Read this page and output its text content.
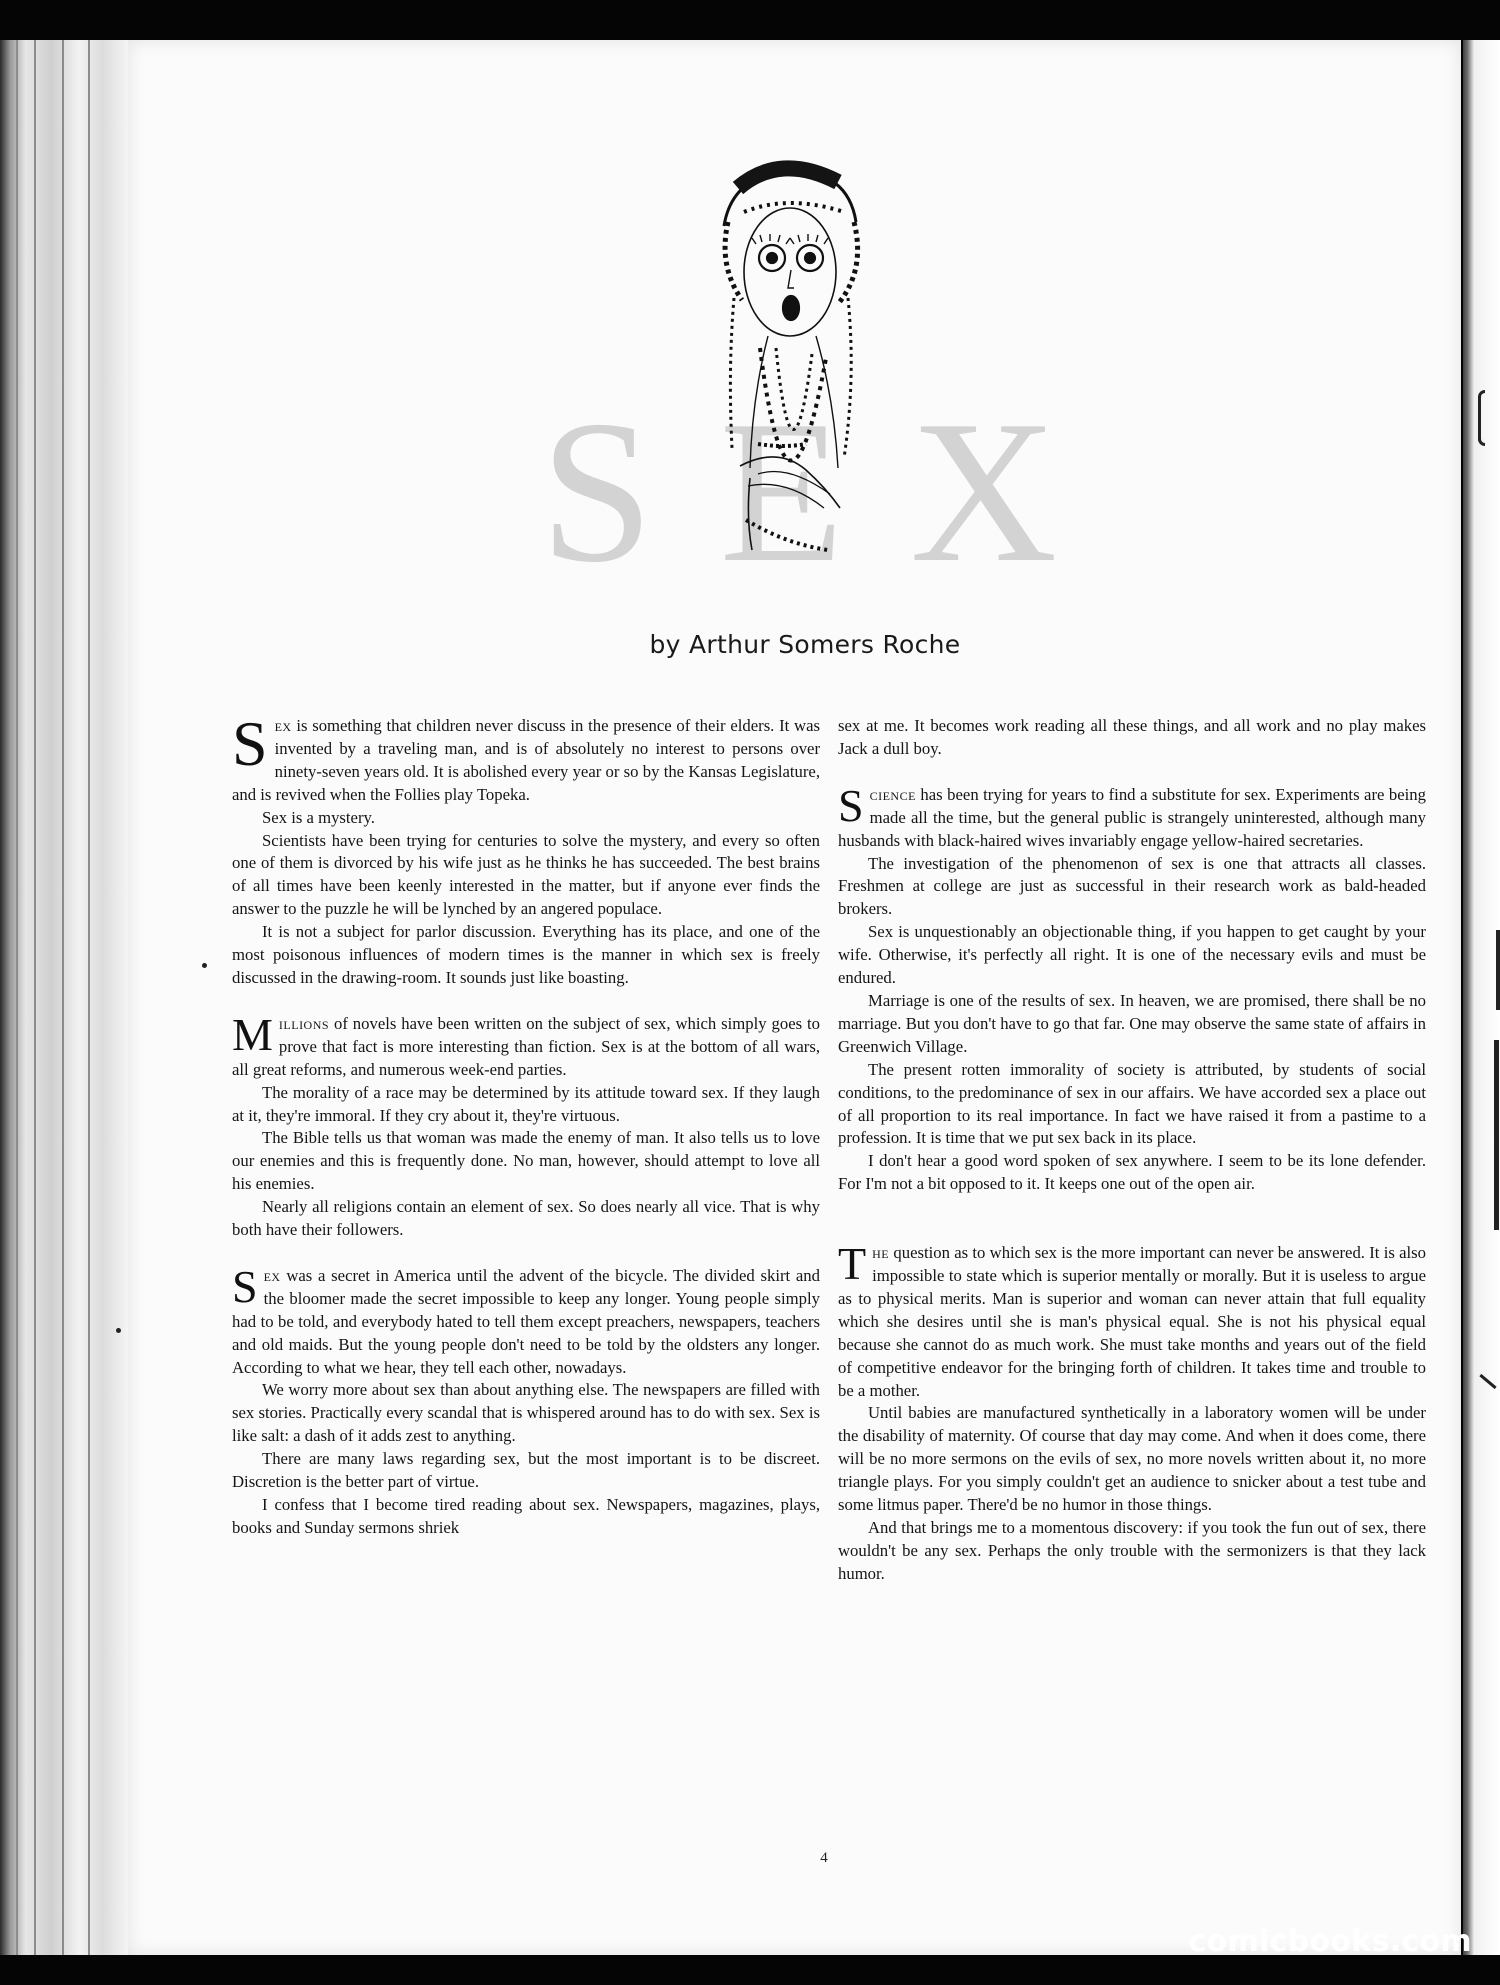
SEX
by Arthur Somers Roche

Sex is something that children never discuss in the presence of their elders. It was invented by a traveling man, and is of absolutely no interest to persons over ninety-seven years old. It is abolished every year or so by the Kansas Legislature, and is revived when the Follies play Topeka.

Sex is a mystery.

Scientists have been trying for centuries to solve the mystery, and every so often one of them is divorced by his wife just as he thinks he has succeeded. The best brains of all times have been keenly interested in the matter, but if anyone ever finds the answer to the puzzle he will be lynched by an angered populace.

It is not a subject for parlor discussion. Everything has its place, and one of the most poisonous influences of modern times is the manner in which sex is freely discussed in the drawing-room. It sounds just like boasting.

Millions of novels have been written on the subject of sex, which simply goes to prove that fact is more interesting than fiction. Sex is at the bottom of all wars, all great reforms, and numerous week-end parties.

The morality of a race may be determined by its attitude toward sex. If they laugh at it, they're immoral. If they cry about it, they're virtuous.

The Bible tells us that woman was made the enemy of man. It also tells us to love our enemies and this is frequently done. No man, however, should attempt to love all his enemies.

Nearly all religions contain an element of sex. So does nearly all vice. That is why both have their followers.

Sex was a secret in America until the advent of the bicycle. The divided skirt and the bloomer made the secret impossible to keep any longer. Young people simply had to be told, and everybody hated to tell them except preachers, newspapers, teachers and old maids. But the young people don't need to be told by the oldsters any longer. According to what we hear, they tell each other, nowadays.

We worry more about sex than about anything else. The newspapers are filled with sex stories. Practically every scandal that is whispered around has to do with sex. Sex is like salt: a dash of it adds zest to anything.

There are many laws regarding sex, but the most important is to be discreet. Discretion is the better part of virtue.

I confess that I become tired reading about sex. Newspapers, magazines, plays, books and Sunday sermons shriek

sex at me. It becomes work reading all these things, and all work and no play makes Jack a dull boy.

Science has been trying for years to find a substitute for sex. Experiments are being made all the time, but the general public is strangely uninterested, although many husbands with black-haired wives invariably engage yellow-haired secretaries.

The investigation of the phenomenon of sex is one that attracts all classes. Freshmen at college are just as successful in their research work as bald-headed brokers.

Sex is unquestionably an objectionable thing, if you happen to get caught by your wife. Otherwise, it's perfectly all right. It is one of the necessary evils and must be endured.

Marriage is one of the results of sex. In heaven, we are promised, there shall be no marriage. But you don't have to go that far. One may observe the same state of affairs in Greenwich Village.

The present rotten immorality of society is attributed, by students of social conditions, to the predominance of sex in our affairs. We have accorded sex a place out of all proportion to its real importance. In fact we have raised it from a pastime to a profession. It is time that we put sex back in its place.

I don't hear a good word spoken of sex anywhere. I seem to be its lone defender. For I'm not a bit opposed to it. It keeps one out of the open air.

The question as to which sex is the more important can never be answered. It is also impossible to state which is superior mentally or morally. But it is useless to argue as to physical merits. Man is superior and woman can never attain that full equality which she desires until she is man's physical equal. She is not his physical equal because she cannot do as much work. She must take months and years out of the field of competitive endeavor for the bringing forth of children. It takes time and trouble to be a mother.

Until babies are manufactured synthetically in a laboratory women will be under the disability of maternity. Of course that day may come. And when it does come, there will be no more sermons on the evils of sex, no more novels written about it, no more triangle plays. For you simply couldn't get an audience to snicker about a test tube and some litmus paper. There'd be no humor in those things.

And that brings me to a momentous discovery: if you took the fun out of sex, there wouldn't be any sex. Perhaps the only trouble with the sermonizers is that they lack humor.

4
comicbooks.com
